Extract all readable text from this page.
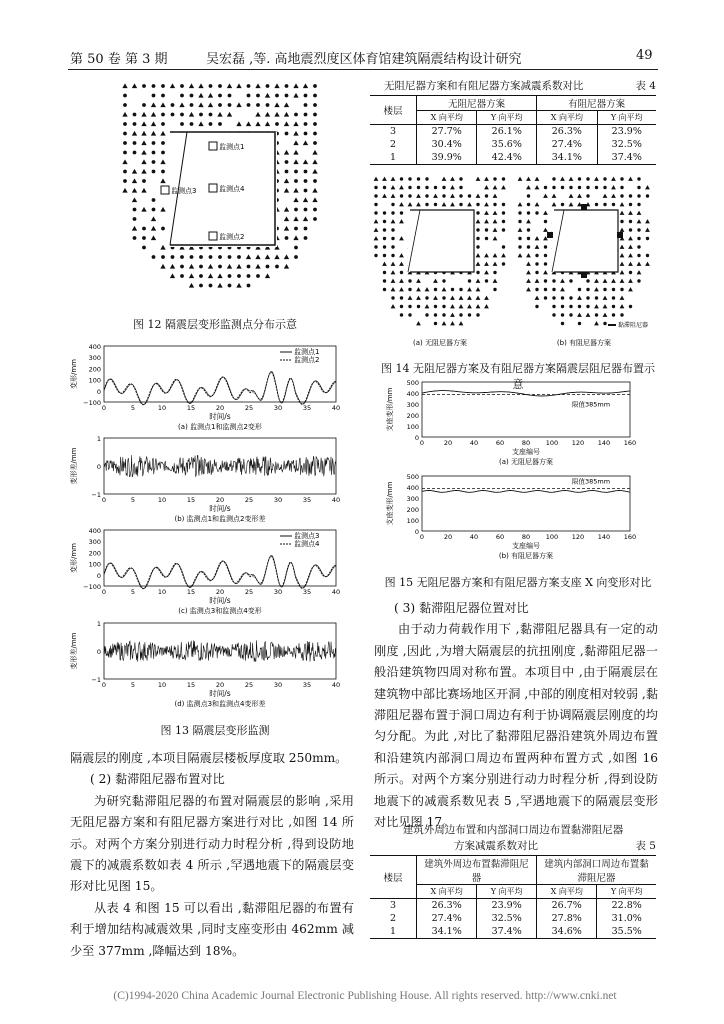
第 50 卷 第 3 期	吴宏磊 ,等. 高地震烈度区体育馆建筑隔震结构设计研究	49
监测点1
监测点3	监测点4
监测点2
图 12 隔震层变形监测点分布示意
400
300
200
100
0
−100
0	5	10	15	20	25	30	35	40
时间/s
变形/mm
(a) 监测点1和监测点2变形
监测点1
监测点2
1
0
−1
0	5	10	15	20	25	30	35	40
时间/s
变形差/mm
(b) 监测点1和监测点2变形差
400
300
200
100
0
−100
0	5	10	15	20	25	30	35	40
时间/s
变形/mm
(c) 监测点3和监测点4变形
监测点3
监测点4
1
0
−1
0	5	10	15	20	25	30	35	40
时间/s
变形差/mm
(d) 监测点3和监测点4变形差
图 13 隔震层变形监测
隔震层的刚度 ,本项目隔震层楼板厚度取 250mm。
( 2) 黏滞阻尼器布置对比
为研究黏滞阻尼器的布置对隔震层的影响 ,采用无阻尼器方案和有阻尼器方案进行对比 ,如图 14 所示。对两个方案分别进行动力时程分析 ,得到设防地震下的减震系数如表 4 所示 ,罕遇地震下的隔震层变形对比见图 15。
从表 4 和图 15 可以看出 ,黏滞阻尼器的布置有利于增加结构减震效果 ,同时支座变形由 462mm 减少至 377mm ,降幅达到 18%。
无阻尼器方案和有阻尼器方案减震系数对比	表 4
楼层	无阻尼器方案		有阻尼器方案	
	X 向平均	Y 向平均	X 向平均	Y 向平均
3	27.7%	26.1%	26.3%	23.9%
2	30.4%	35.6%	27.4%	32.5%
1	39.9%	42.4%	34.1%	37.4%
(a) 无阻尼器方案	(b) 有阻尼器方案
黏滞阻尼器
图 14 无阻尼器方案及有阻尼器方案隔震层阻尼器布置示意
500
400
300
200
100
0
0	20	40	60	80 100 120 140 160
支座编号
(a) 无阻尼器方案
支座变形/mm	限值385mm
500
400
300
200
100
0
0	20	40	60	80 100 120 140 160
支座编号
(b) 有阻尼器方案
支座变形/mm	限值385mm
图 15 无阻尼器方案和有阻尼器方案支座 X 向变形对比
( 3) 黏滞阻尼器位置对比
由于动力荷载作用下 ,黏滞阻尼器具有一定的动刚度 ,因此 ,为增大隔震层的抗扭刚度 ,黏滞阻尼器一般沿建筑物四周对称布置。本项目中 ,由于隔震层在建筑物中部比赛场地区开洞 ,中部的刚度相对较弱 ,黏滞阻尼器布置于洞口周边有利于协调隔震层刚度的均匀分配。为此 ,对比了黏滞阻尼器沿建筑外周边布置和沿建筑内部洞口周边布置两种布置方式 ,如图 16 所示。对两个方案分别进行动力时程分析 ,得到设防地震下的减震系数见表 5 ,罕遇地震下的隔震层变形对比见图 17。
建筑外周边布置和内部洞口周边布置黏滞阻尼器
方案减震系数对比	表 5
楼层	建筑外周边布置黏滞阻尼器		建筑内部洞口周边布置黏滞阻尼器	

	X 向平均	Y 向平均	X 向平均	Y 向平均
3	26.3%	23.9%	26.7%	22.8%
2	27.4%	32.5%	27.8%	31.0%
1	34.1%	37.4%	34.6%	35.5%
(C)1994-2020 China Academic Journal Electronic Publishing House. All rights reserved. http://www.cnki.net
